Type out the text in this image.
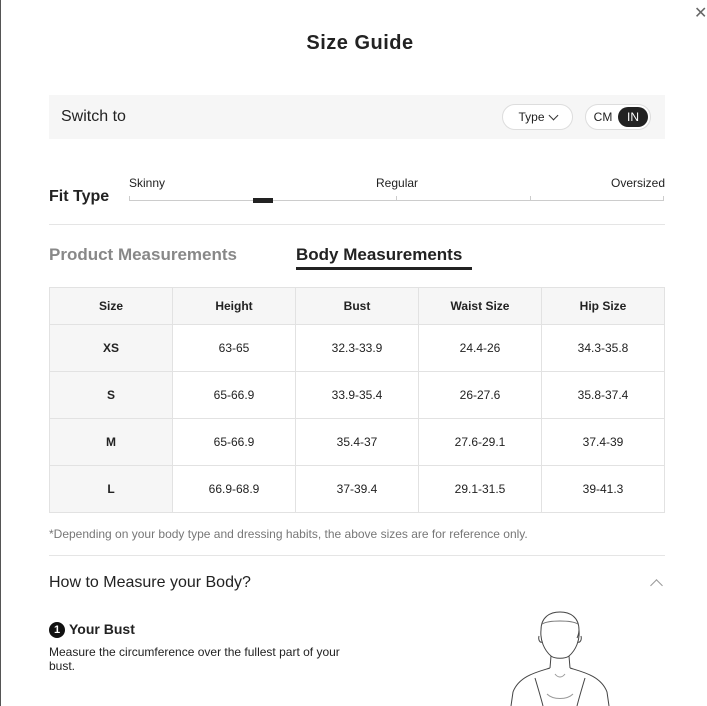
✕
Size Guide
Switch to	Type	CM	IN
Fit Type
Skinny	Regular	Oversized
Product Measurements	Body Measurements
Size	Height	Bust	Waist Size	Hip Size
XS	63-65	32.3-33.9	24.4-26	34.3-35.8
S	65-66.9	33.9-35.4	26-27.6	35.8-37.4
M	65-66.9	35.4-37	27.6-29.1	37.4-39
L	66.9-68.9	37-39.4	29.1-31.5	39-41.3
*Depending on your body type and dressing habits, the above sizes are for reference only.
How to Measure your Body?
1 Your Bust
Measure the circumference over the fullest part of your bust.
